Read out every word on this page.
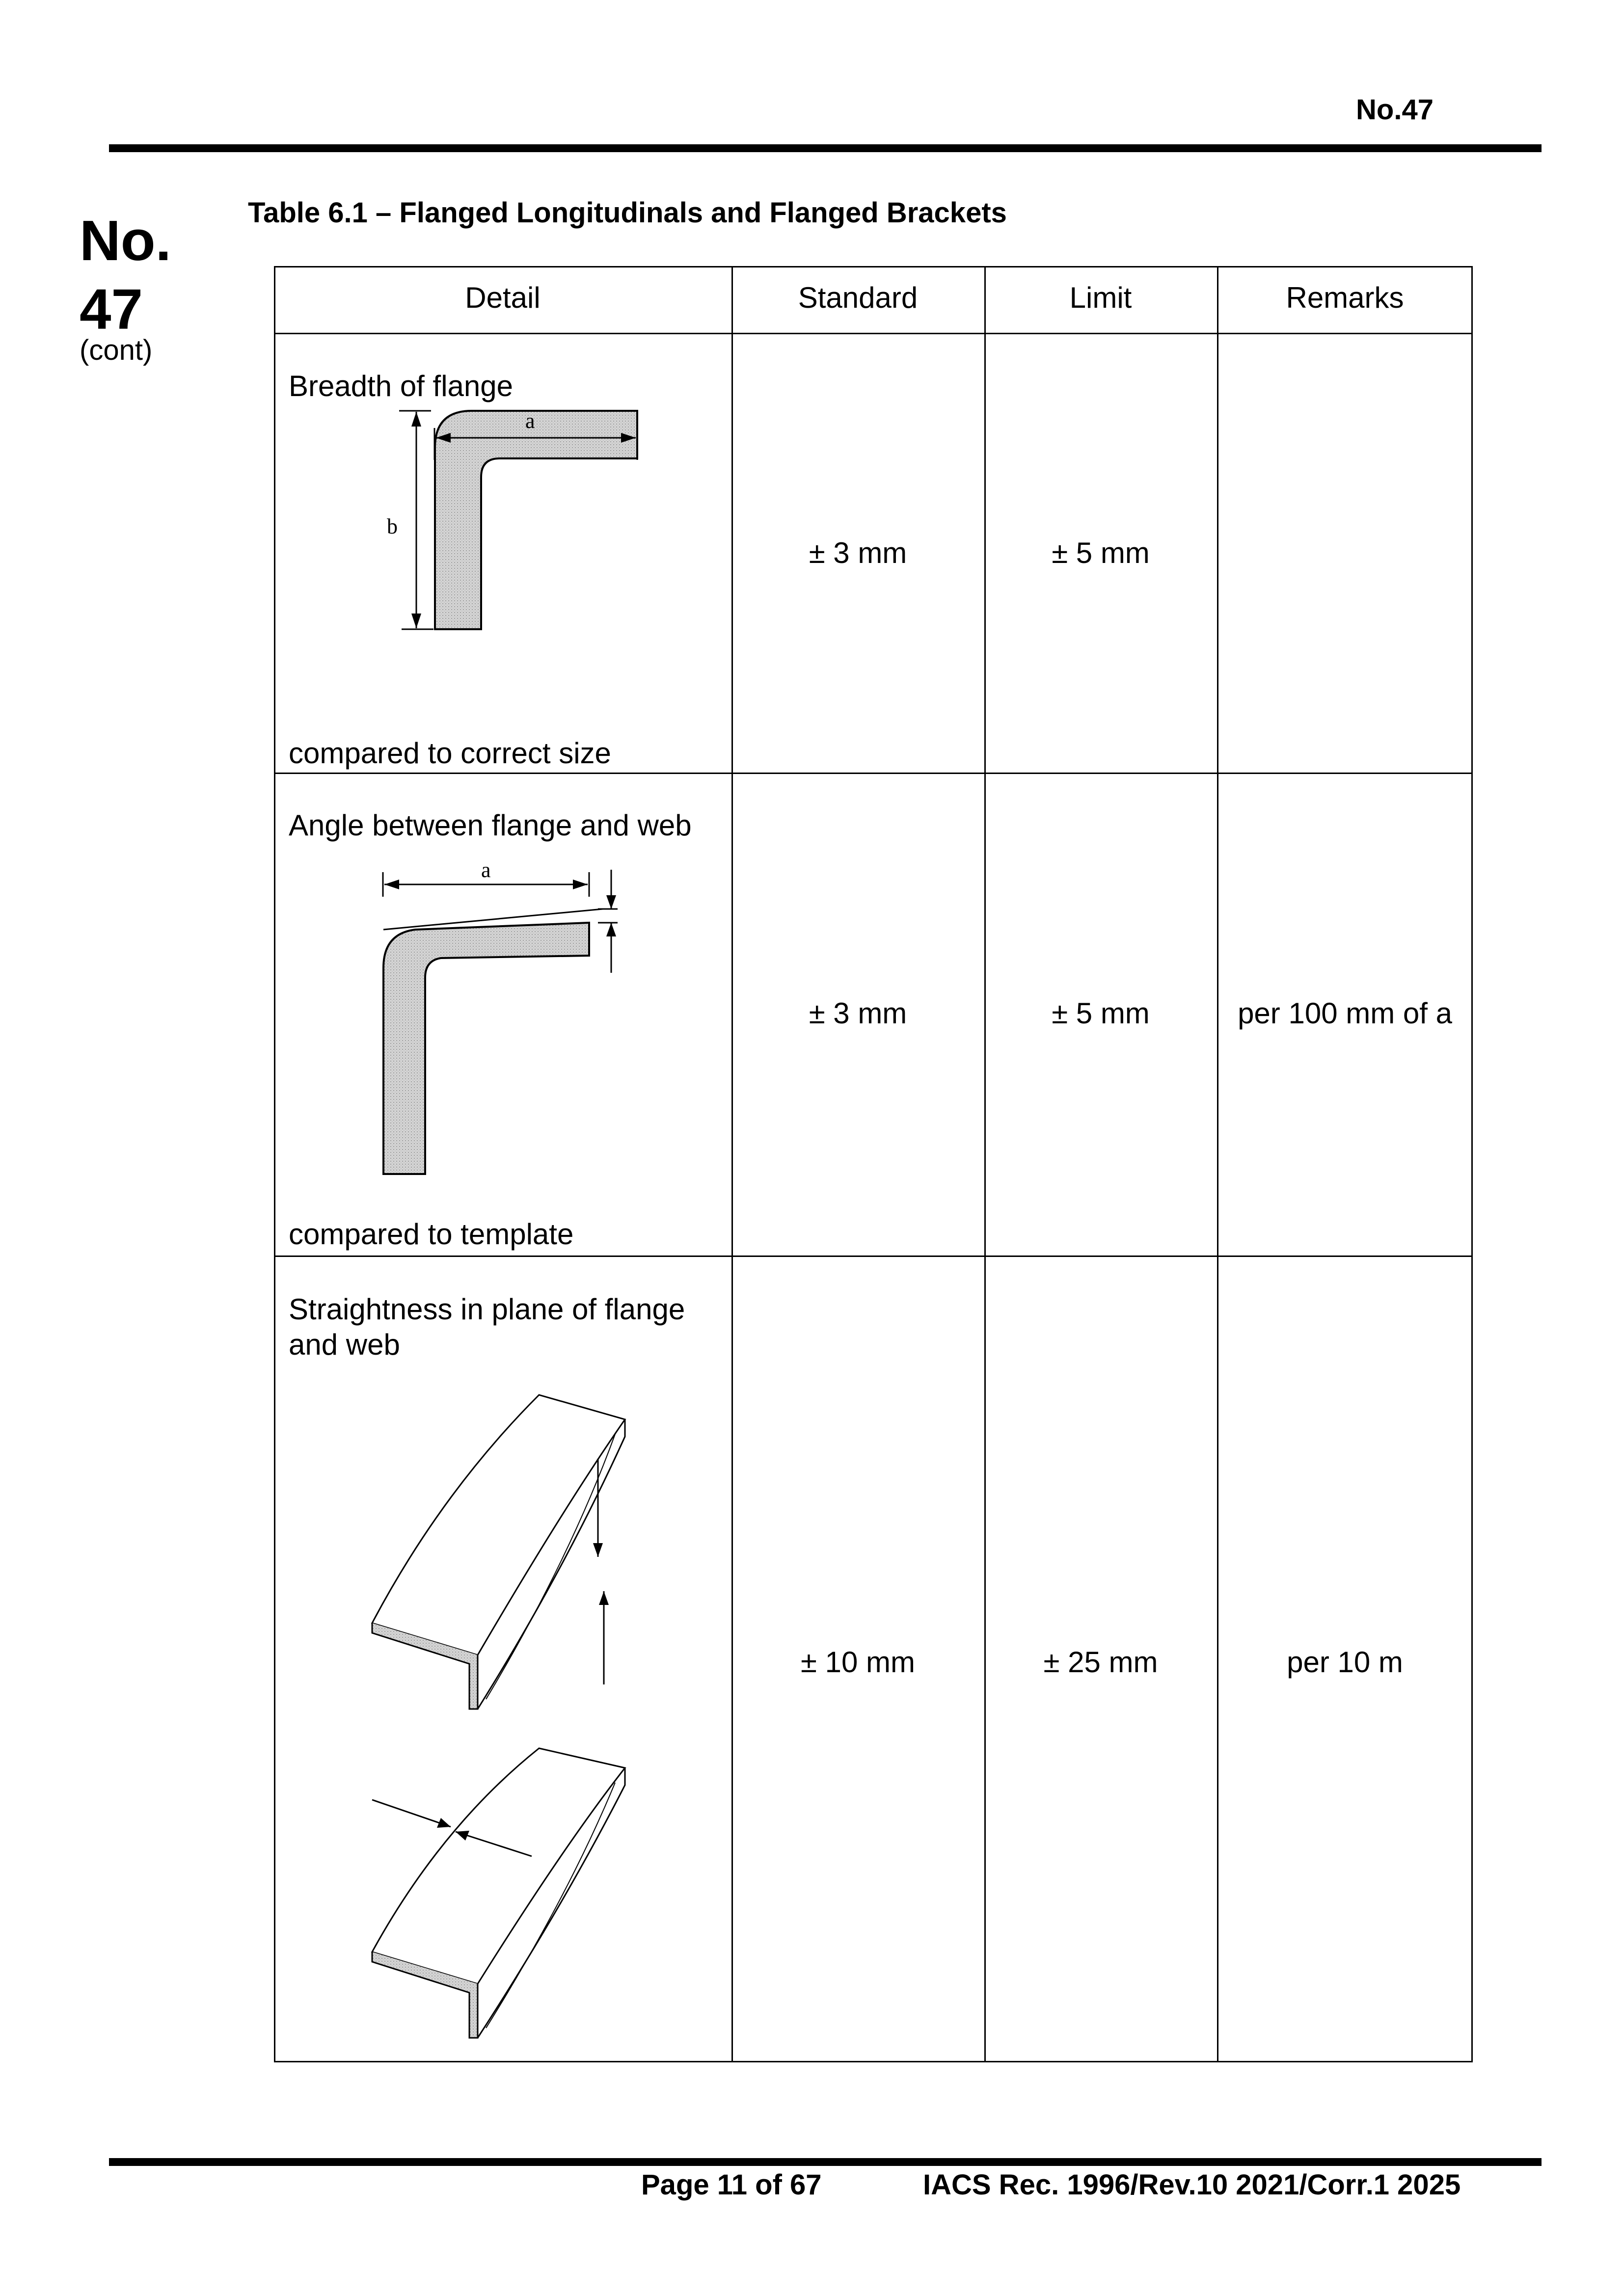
No.47
No.
47
(cont)
Table 6.1 – Flanged Longitudinals and Flanged Brackets
Detail	Standard	Limit	Remarks
Breadth of flange
a
b
compared to correct size
± 3 mm	± 5 mm
Angle between flange and web
a
compared to template
± 3 mm	± 5 mm	per 100 mm of a
Straightness in plane of flange
and web
± 10 mm	± 25 mm	per 10 m
Page 11 of 67	IACS Rec. 1996/Rev.10 2021/Corr.1 2025
